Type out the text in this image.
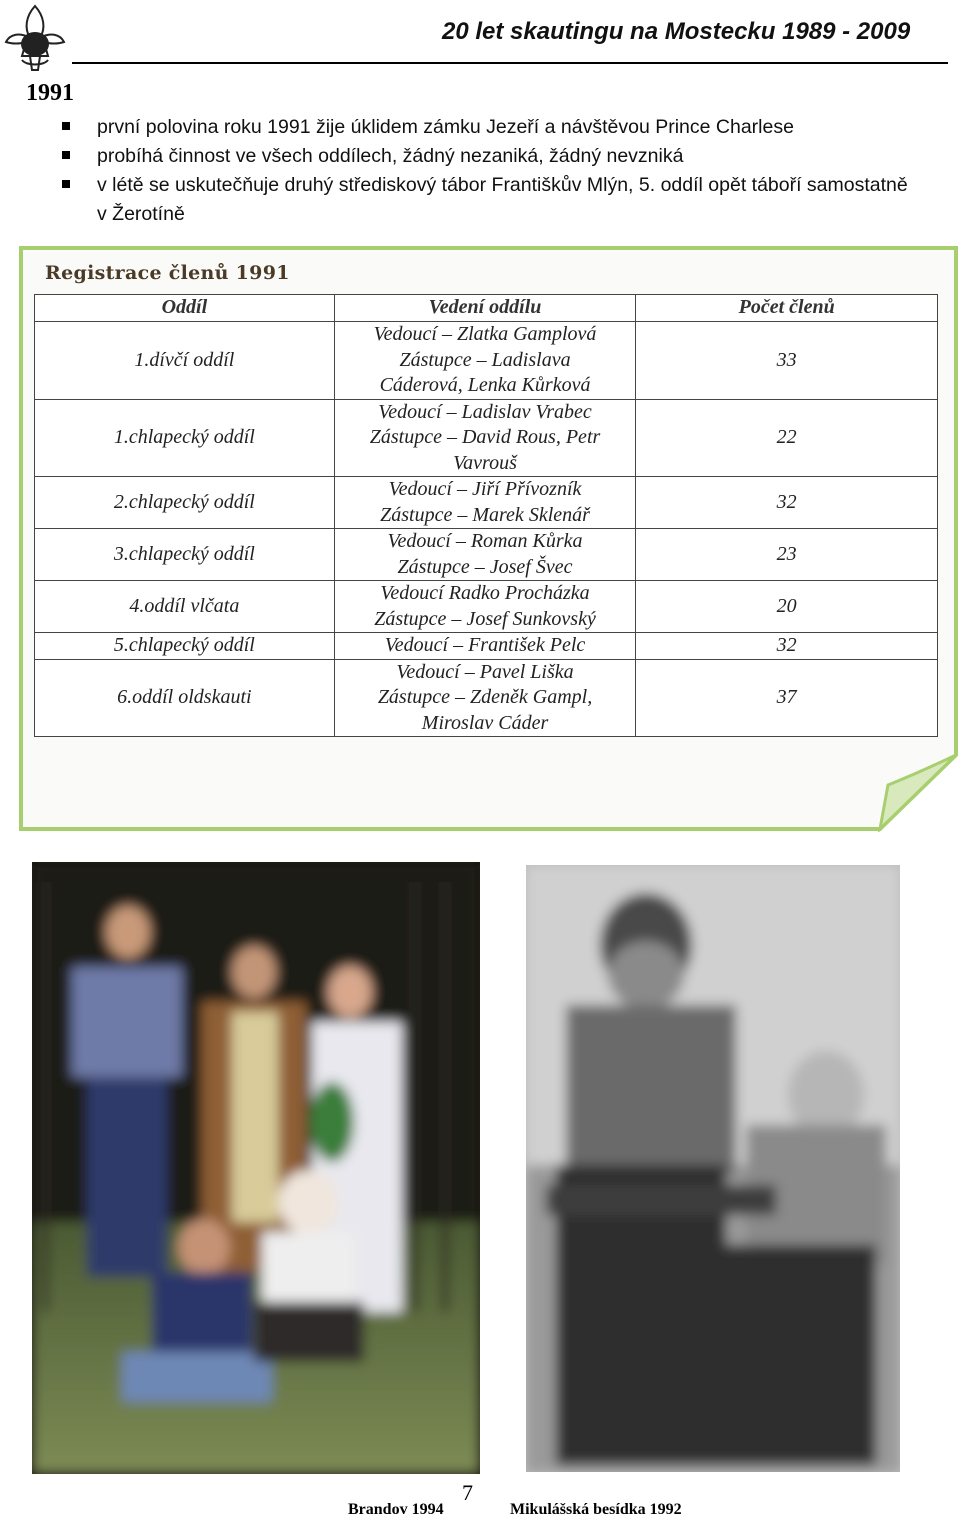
20 let skautingu na Mostecku 1989 - 2009
1991
první polovina roku 1991 žije úklidem zámku Jezeří a návštěvou Prince Charlese
probíhá činnost ve všech oddílech, žádný nezaniká, žádný nevzniká
v létě se uskutečňuje druhý střediskový tábor Františkův Mlýn, 5. oddíl opět táboří samostatně v Žerotíně
Registrace členů 1991
Oddíl	Vedení oddílu	Počet členů
1.dívčí oddíl	Vedoucí – Zlatka Gamplová
Zástupce – Ladislava
Cáderová, Lenka Kůrková	33
1.chlapecký oddíl	Vedoucí – Ladislav Vrabec
Zástupce – David Rous, Petr
Vavrouš	22
2.chlapecký oddíl	Vedoucí – Jiří Přívozník
Zástupce – Marek Sklenář	32
3.chlapecký oddíl	Vedoucí – Roman Kůrka
Zástupce – Josef Švec	23
4.oddíl vlčata	Vedoucí Radko Procházka
Zástupce – Josef Sunkovský	20
5.chlapecký oddíl	Vedoucí – František Pelc	32
6.oddíl oldskauti	Vedoucí – Pavel Liška
Zástupce – Zdeněk Gampl,
Miroslav Cáder	37
7
Brandov 1994	Mikulášská besídka 1992
